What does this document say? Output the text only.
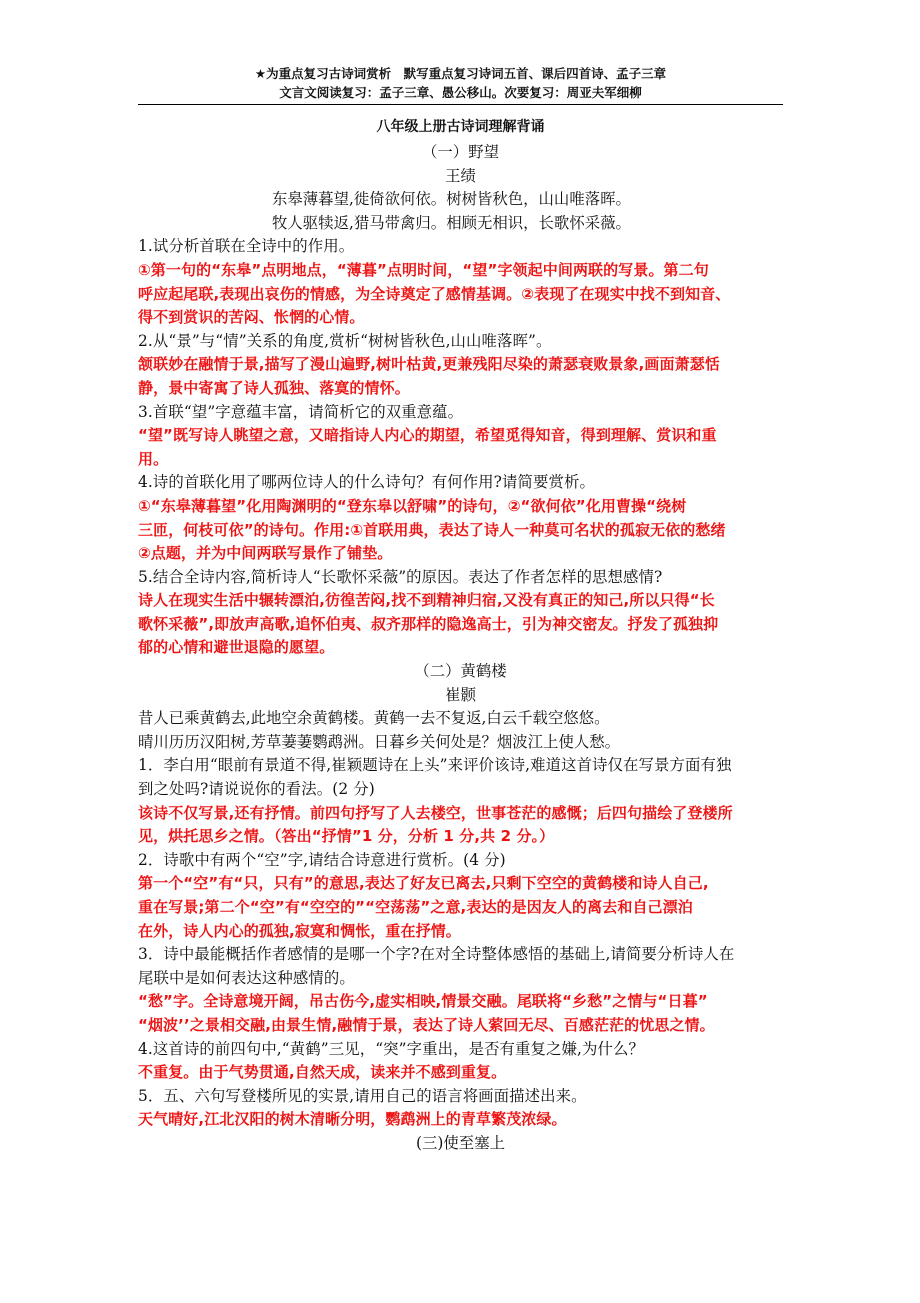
★为重点复习古诗词赏析　默写重点复习诗词五首、课后四首诗、孟子三章
文言文阅读复习：孟子三章、愚公移山。次要复习：周亚夫军细柳
八年级上册古诗词理解背诵
（一）野望
王绩
东皋薄暮望,徙倚欲何依。树树皆秋色，山山唯落晖。
牧人驱犊返,猎马带禽归。相顾无相识，长歌怀采薇。
1.试分析首联在全诗中的作用。
①第一句的“东皋”点明地点，“薄暮”点明时间，“望”字领起中间两联的写景。第二句
呼应起尾联,表现出哀伤的情感，为全诗奠定了感情基调。②表现了在现实中找不到知音、
得不到赏识的苦闷、怅惘的心情。
2.从“景”与“情”关系的角度,赏析“树树皆秋色,山山唯落晖”。
颔联妙在融情于景,描写了漫山遍野,树叶枯黄,更兼残阳尽染的萧瑟衰败景象,画面萧瑟恬
静，景中寄寓了诗人孤独、落寞的情怀。
3.首联“望”字意蕴丰富，请简析它的双重意蕴。
“望”既写诗人眺望之意，又暗指诗人内心的期望，希望觅得知音，得到理解、赏识和重
用。
4.诗的首联化用了哪两位诗人的什么诗句？有何作用?请简要赏析。
①“东皋薄暮望”化用陶渊明的“登东皋以舒啸”的诗句，②“欲何依”化用曹操“绕树
三匝，何枝可依”的诗句。作用:①首联用典，表达了诗人一种莫可名状的孤寂无依的愁绪
②点题，并为中间两联写景作了铺垫。
5.结合全诗内容,简析诗人“长歌怀采薇”的原因。表达了作者怎样的思想感情?
诗人在现实生活中辗转漂泊,彷徨苦闷,找不到精神归宿,又没有真正的知己,所以只得“长
歌怀采薇”,即放声高歌,追怀伯夷、叔齐那样的隐逸高士，引为神交密友。抒发了孤独抑
郁的心情和避世退隐的愿望。
（二）黄鹤楼
崔颢
昔人已乘黄鹤去,此地空余黄鹤楼。黄鹤一去不复返,白云千载空悠悠。
晴川历历汉阳树,芳草萋萋鹦鹉洲。日暮乡关何处是？烟波江上使人愁。
1．李白用“眼前有景道不得,崔颖题诗在上头”来评价该诗,难道这首诗仅在写景方面有独
到之处吗?请说说你的看法。(2 分)
该诗不仅写景,还有抒情。前四句抒写了人去楼空，世事苍茫的感慨；后四句描绘了登楼所
见，烘托思乡之情。（答出“抒情”1 分，分析 1 分,共 2 分。）
2．诗歌中有两个“空”字,请结合诗意进行赏析。(4 分)
第一个“空”有“只，只有”的意思,表达了好友已离去,只剩下空空的黄鹤楼和诗人自己,
重在写景;第二个“空”有“空空的”“空荡荡”之意,表达的是因友人的离去和自己漂泊
在外，诗人内心的孤独,寂寞和惆怅，重在抒情。
3．诗中最能概括作者感情的是哪一个字?在对全诗整体感悟的基础上,请简要分析诗人在
尾联中是如何表达这种感情的。
“愁”字。全诗意境开阔，吊古伤今,虚实相映,情景交融。尾联将“乡愁”之情与“日暮”
“烟波’’之景相交融,由景生情,融情于景，表达了诗人萦回无尽、百感茫茫的忧思之情。
4.这首诗的前四句中,“黄鹤”三见，“突”字重出，是否有重复之嫌,为什么？
不重复。由于气势贯通,自然天成，读来并不感到重复。
5．五、六句写登楼所见的实景,请用自己的语言将画面描述出来。
天气晴好,江北汉阳的树木清晰分明，鹦鹉洲上的青草繁茂浓绿。
(三)使至塞上
